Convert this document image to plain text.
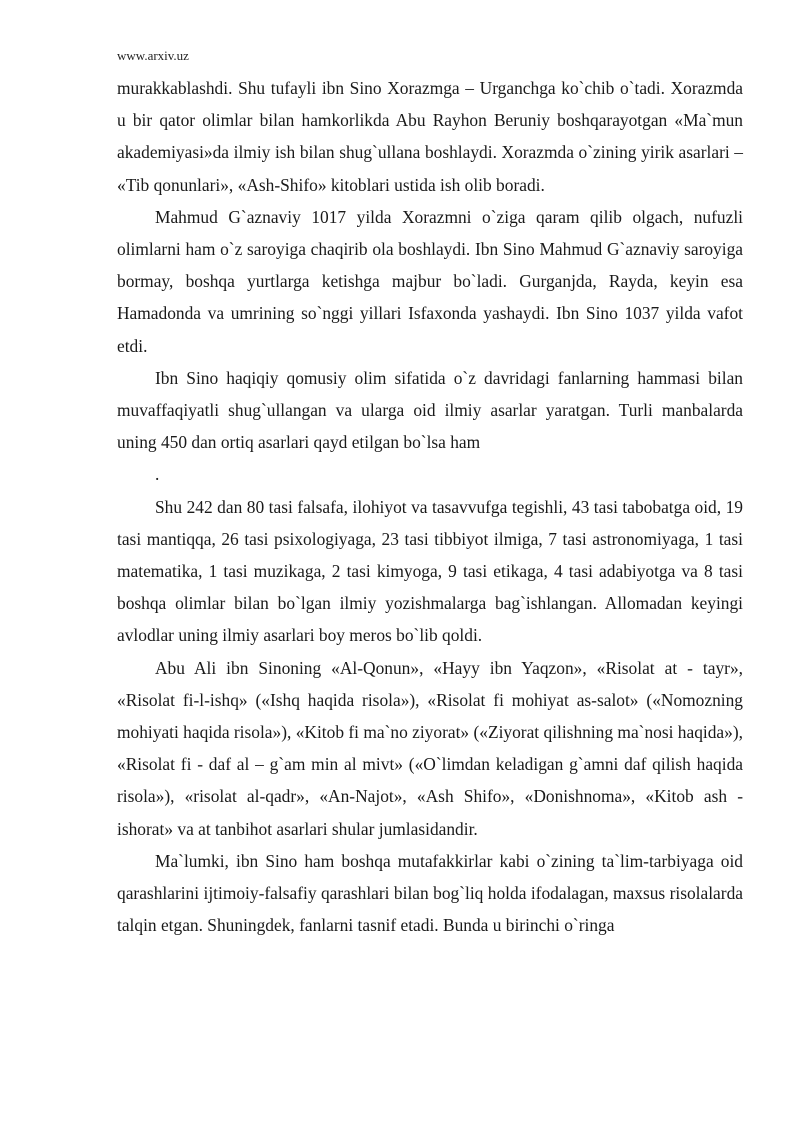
www.arxiv.uz

murakkablashdi. Shu tufayli ibn Sino Xorazmga – Urganchga ko`chib o`tadi. Xorazmda u bir qator olimlar bilan hamkorlikda Abu Rayhon Beruniy boshqarayotgan «Ma`mun akademiyasi»da ilmiy ish bilan shug`ullana boshlaydi. Xorazmda o`zining yirik asarlari – «Tib qonunlari», «Ash-Shifo» kitoblari ustida ish olib boradi.

Mahmud G`aznaviy 1017 yilda Xorazmni o`ziga qaram qilib olgach, nufuzli olimlarni ham o`z saroyiga chaqirib ola boshlaydi. Ibn Sino Mahmud G`aznaviy saroyiga bormay, boshqa yurtlarga ketishga majbur bo`ladi. Gurganjda, Rayda, keyin esa Hamadonda va umrining so`nggi yillari Isfaxonda yashaydi. Ibn Sino 1037 yilda vafot etdi.

Ibn Sino haqiqiy qomusiy olim sifatida o`z davridagi fanlarning hammasi bilan muvaffaqiyatli shug`ullangan va ularga oid ilmiy asarlar yaratgan. Turli manbalarda uning 450 dan ortiq asarlari qayd etilgan bo`lsa ham

.

Shu 242 dan 80 tasi falsafa, ilohiyot va tasavvufga tegishli, 43 tasi tabobatga oid, 19 tasi mantiqqa, 26 tasi psixologiyaga, 23 tasi tibbiyot ilmiga, 7 tasi astronomiyaga, 1 tasi matematika, 1 tasi muzikaga, 2 tasi kimyoga, 9 tasi etikaga, 4 tasi adabiyotga va 8 tasi boshqa olimlar bilan bo`lgan ilmiy yozishmalarga bag`ishlangan. Allomadan keyingi avlodlar uning ilmiy asarlari boy meros bo`lib qoldi.

Abu Ali ibn Sinoning «Al-Qonun», «Hayy ibn Yaqzon», «Risolat at - tayr», «Risolat fi-l-ishq» («Ishq haqida risola»), «Risolat fi mohiyat as-salot» («Nomozning mohiyati haqida risola»), «Kitob fi ma`no ziyorat» («Ziyorat qilishning ma`nosi haqida»), «Risolat fi - daf al – g`am min al mivt» («O`limdan keladigan g`amni daf qilish haqida risola»), «risolat al-qadr», «An-Najot», «Ash Shifo», «Donishnoma», «Kitob ash - ishorat» va at tanbihot asarlari shular jumlasidandir.

Ma`lumki, ibn Sino ham boshqa mutafakkirlar kabi o`zining ta`lim-tarbiyaga oid qarashlarini ijtimoiy-falsafiy qarashlari bilan bog`liq holda ifodalagan, maxsus risolalarda talqin etgan. Shuningdek, fanlarni tasnif etadi. Bunda u birinchi o`ringa
